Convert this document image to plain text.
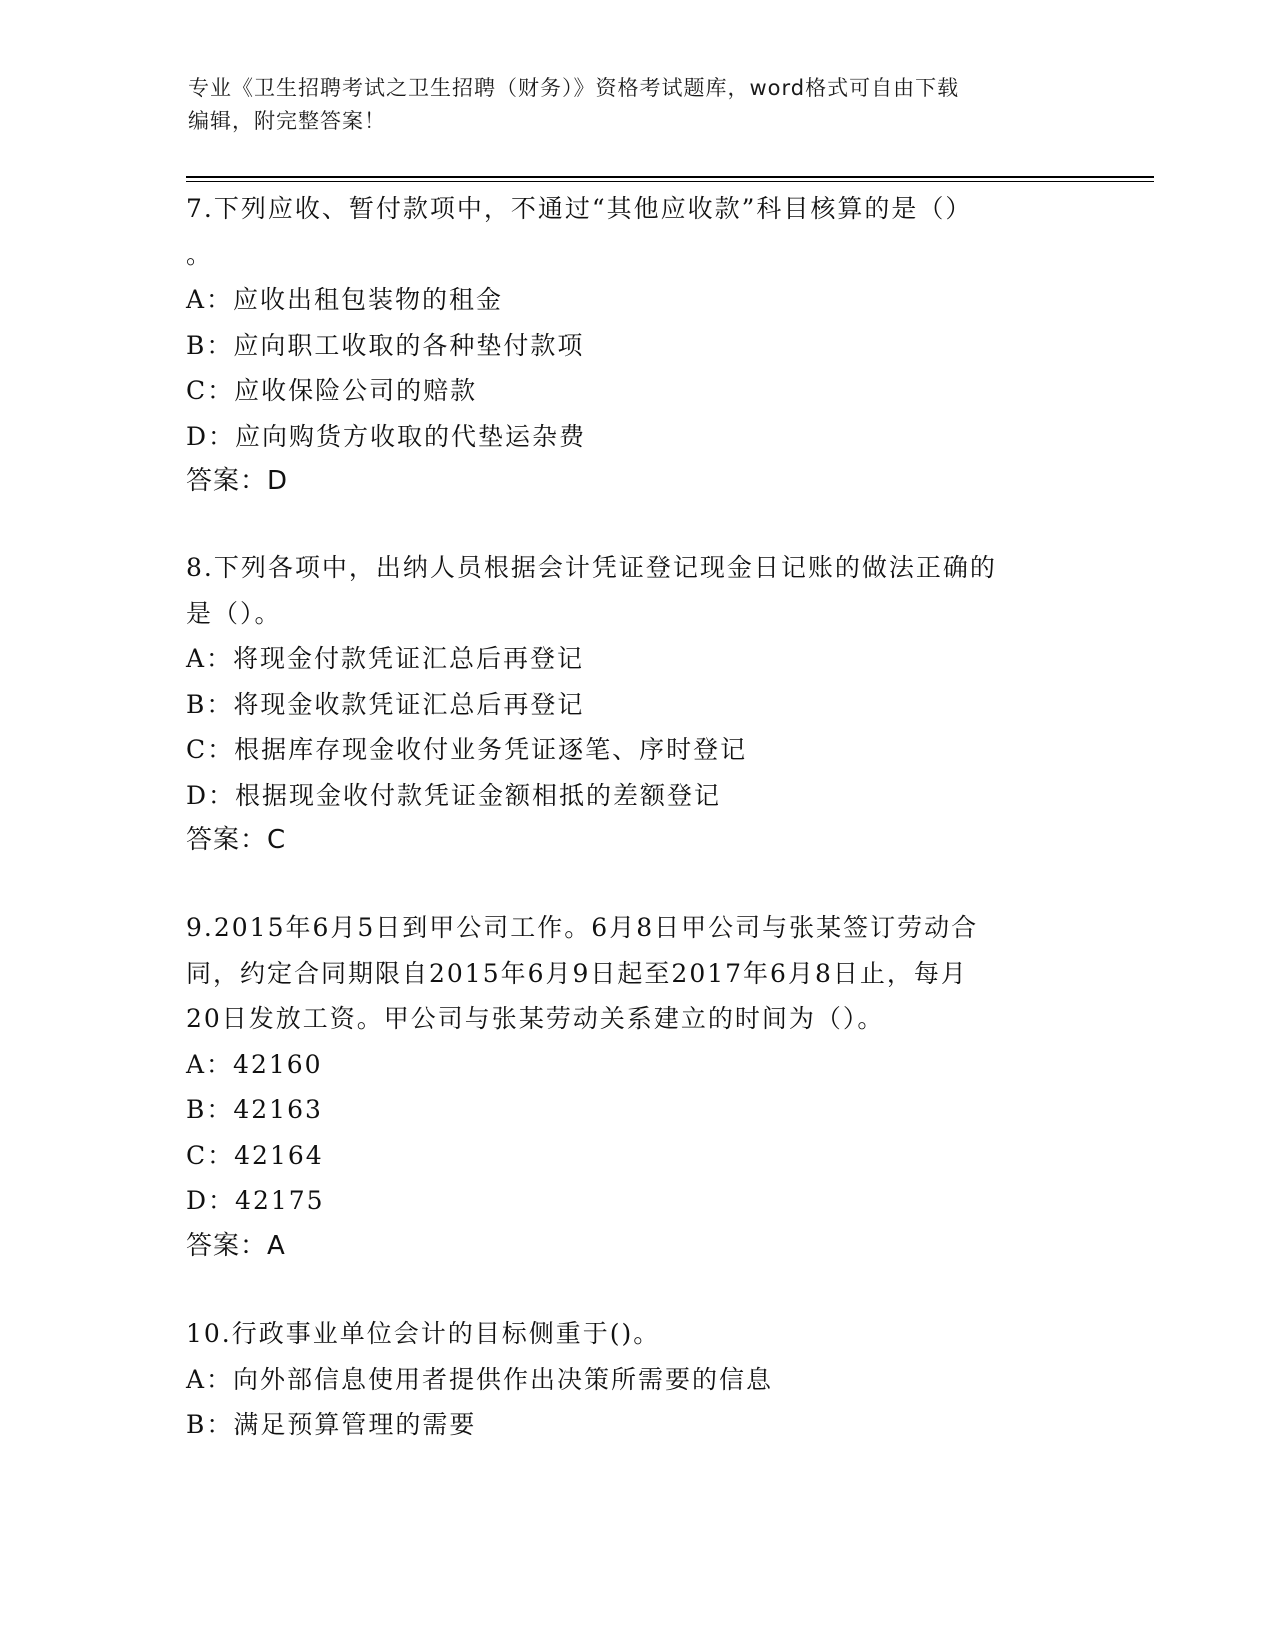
专业《卫生招聘考试之卫生招聘（财务）》资格考试题库，word格式可自由下载
编辑，附完整答案！
7.下列应收、暂付款项中，不通过“其他应收款”科目核算的是（）
。
A：应收出租包装物的租金
B：应向职工收取的各种垫付款项
C：应收保险公司的赔款
D：应向购货方收取的代垫运杂费
答案：D
8.下列各项中，出纳人员根据会计凭证登记现金日记账的做法正确的
是（）。
A：将现金付款凭证汇总后再登记
B：将现金收款凭证汇总后再登记
C：根据库存现金收付业务凭证逐笔、序时登记
D：根据现金收付款凭证金额相抵的差额登记
答案：C
9.2015年6月5日到甲公司工作。6月8日甲公司与张某签订劳动合
同，约定合同期限自2015年6月9日起至2017年6月8日止，每月
20日发放工资。甲公司与张某劳动关系建立的时间为（）。
A：42160
B：42163
C：42164
D：42175
答案：A
10.行政事业单位会计的目标侧重于()。
A：向外部信息使用者提供作出决策所需要的信息
B：满足预算管理的需要
